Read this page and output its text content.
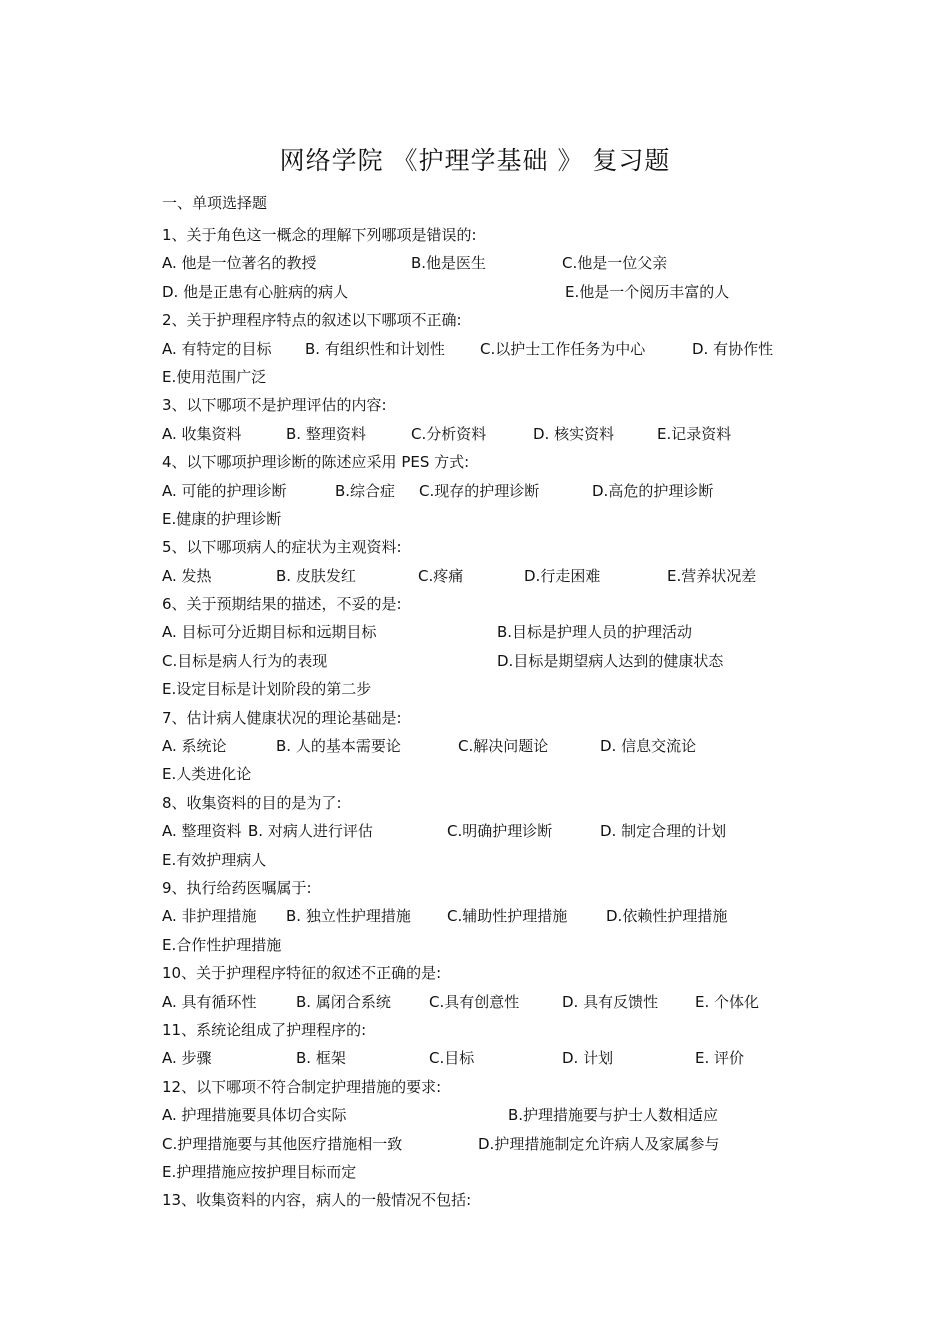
网络学院 《护理学基础 》 复习题
一、单项选择题
1、关于角色这一概念的理解下列哪项是错误的:
A. 他是一位著名的教授	B.他是医生	C.他是一位父亲
D. 他是正患有心脏病的病人	E.他是一个阅历丰富的人
2、关于护理程序特点的叙述以下哪项不正确:
A. 有特定的目标 B. 有组织性和计划性 C.以护士工作任务为中心	D. 有协作性
E.使用范围广泛
3、以下哪项不是护理评估的内容:
A. 收集资料	B. 整理资料	C.分析资料	D. 核实资料	E.记录资料
4、以下哪项护理诊断的陈述应采用 PES 方式:
A. 可能的护理诊断	B.综合症 C.现存的护理诊断	D.高危的护理诊断
E.健康的护理诊断
5、以下哪项病人的症状为主观资料:
A. 发热	B. 皮肤发红	C.疼痛	D.行走困难	E.营养状况差
6、关于预期结果的描述，不妥的是:
A. 目标可分近期目标和远期目标	B.目标是护理人员的护理活动
C.目标是病人行为的表现	D.目标是期望病人达到的健康状态
E.设定目标是计划阶段的第二步
7、估计病人健康状况的理论基础是:
A. 系统论	B. 人的基本需要论	C.解决问题论	D. 信息交流论
E.人类进化论
8、收集资料的目的是为了:
A. 整理资料 B. 对病人进行评估	C.明确护理诊断	D. 制定合理的计划
E.有效护理病人
9、执行给药医嘱属于:
A. 非护理措施 B. 独立性护理措施 C.辅助性护理措施	D.依赖性护理措施
E.合作性护理措施
10、关于护理程序特征的叙述不正确的是:
A. 具有循环性	B. 属闭合系统	C.具有创意性	D. 具有反馈性 E. 个体化
11、系统论组成了护理程序的:
A. 步骤	B. 框架	C.目标	D. 计划	E. 评价
12、以下哪项不符合制定护理措施的要求:
A. 护理措施要具体切合实际	B.护理措施要与护士人数相适应
C.护理措施要与其他医疗措施相一致	D.护理措施制定允许病人及家属参与
E.护理措施应按护理目标而定
13、收集资料的内容，病人的一般情况不包括:
